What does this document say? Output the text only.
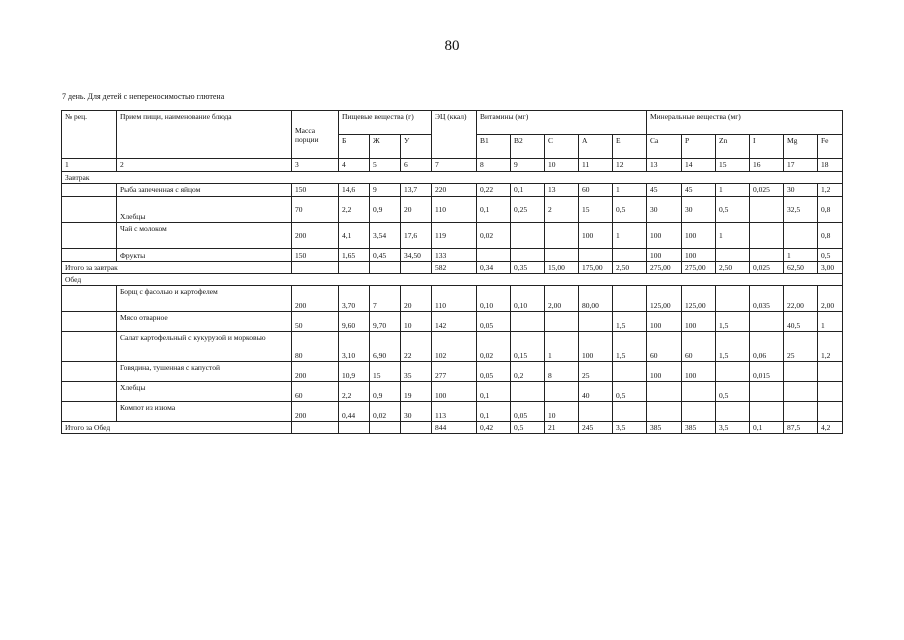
80
7 день. Для детей с непереносимостью глютена
№ рец.	Прием пищи, наименование блюда	Масса порции	Пищевые вещества (г)			ЭЦ (ккал)	Витамины (мг)					Минеральные вещества (мг)					
			Б	Ж	У		В1	В2	С	А	Е	Са	Р	Zn	I	Mg	Fe
1	2	3	4	5	6	7	8	9	10	11	12	13	14	15	16	17	18
Завтрак																	
	Рыба запеченная с яйцом	150	14,6	9	13,7	220	0,22	0,1	13	60	1	45	45	1	0,025	30	1,2
	Хлебцы	70	2,2	0,9	20	110	0,1	0,25	2	15	0,5	30	30	0,5		32,5	0,8
	Чай с молоком	200	4,1	3,54	17,6	119	0,02			100	1	100	100	1			0,8
	Фрукты	150	1,65	0,45	34,50	133						100	100			1	0,5
Итого за завтрак						582	0,34	0,35	15,00	175,00	2,50	275,00	275,00	2,50	0,025	62,50	3,00
Обед																	
	Борщ с фасолью и картофелем	200	3,70	7	20	110	0,10	0,10	2,00	80,00		125,00	125,00		0,035	22,00	2,00
	Мясо отварное	50	9,60	9,70	10	142	0,05				1,5	100	100	1,5		40,5	1
	Салат картофельный с кукурузой и морковью	80	3,10	6,90	22	102	0,02	0,15	1	100	1,5	60	60	1,5	0,06	25	1,2
	Говядина, тушенная с капустой	200	10,9	15	35	277	0,05	0,2	8	25		100	100		0,015		
	Хлебцы	60	2,2	0,9	19	100	0,1			40	0,5			0,5			
	Компот из изюма	200	0,44	0,02	30	113	0,1	0,05	10								
Итого за Обед						844	0,42	0,5	21	245	3,5	385	385	3,5	0,1	87,5	4,2
